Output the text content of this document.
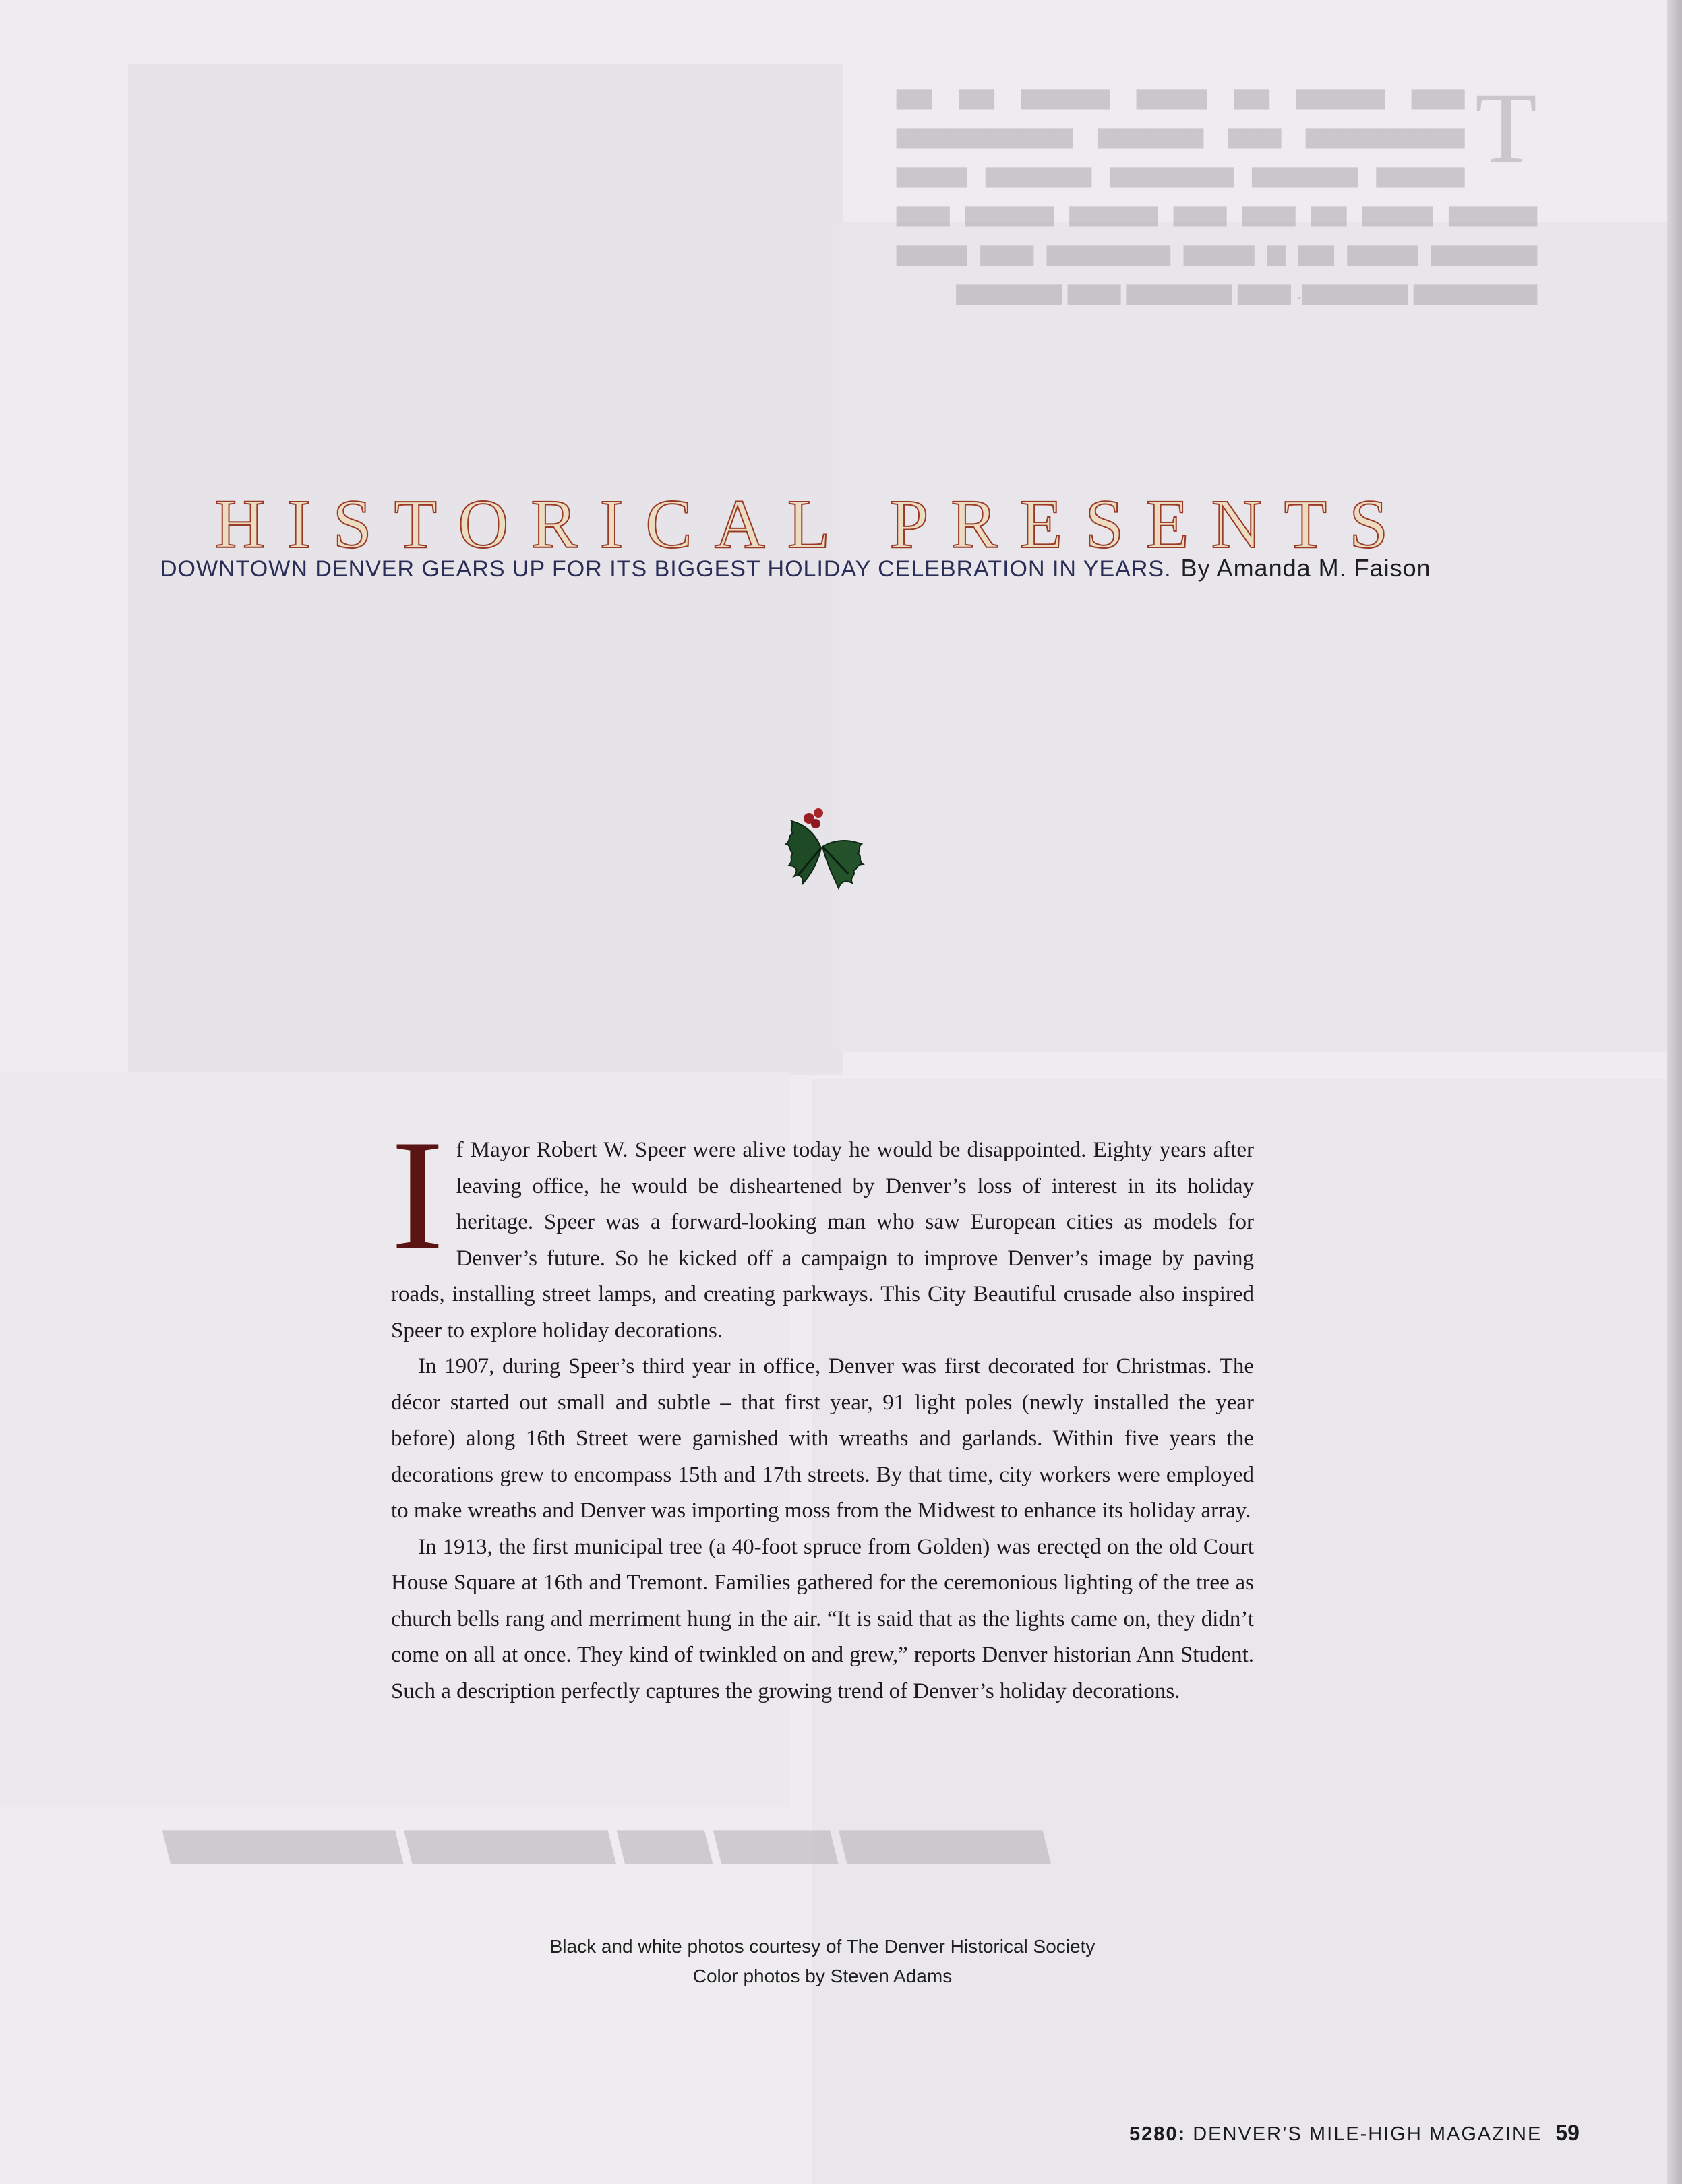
T
▆▆▆ ▆▆▆▆▆ ▆▆ ▆▆▆▆ ▆▆▆▆▆ ▆▆ ▆▆ ▆▆▆▆▆▆▆▆▆ ▆▆▆ ▆▆▆▆▆▆ ▆▆▆▆▆▆▆▆▆▆ ▆▆▆▆▆ ▆▆▆▆▆▆ ▆▆▆▆▆▆▆ ▆▆▆▆▆▆ ▆▆▆▆ ▆▆▆▆▆ ▆▆▆▆ ▆▆ ▆▆▆ ▆▆▆ ▆▆▆▆▆ ▆▆▆▆▆ ▆▆▆ ▆▆▆▆▆▆ ▆▆▆▆ ▆▆ ▆ ▆▆▆▆ ▆▆▆▆▆▆▆ ▆▆▆ ▆▆▆▆ ▆▆▆▆▆▆▆ ▆▆▆▆▆▆. ▆▆▆ ▆▆▆▆▆▆ ▆▆▆ ▆▆▆▆▆▆
HISTORICAL PRESENTS
DOWNTOWN DENVER GEARS UP FOR ITS BIGGEST HOLIDAY CELEBRATION IN YEARS. By Amanda M. Faison

If Mayor Robert W. Speer were alive today he would be disappointed. Eighty years after leaving office, he would be disheartened by Denver’s loss of interest in its holiday heritage. Speer was a forward-looking man who saw European cities as models for Denver’s future. So he kicked off a campaign to improve Denver’s image by paving roads, installing street lamps, and creating parkways. This City Beautiful crusade also inspired Speer to explore holiday decorations.

In 1907, during Speer’s third year in office, Denver was first decorated for Christmas. The décor started out small and subtle – that first year, 91 light poles (newly installed the year before) along 16th Street were garnished with wreaths and garlands. Within five years the decorations grew to encompass 15th and 17th streets. By that time, city workers were employed to make wreaths and Denver was importing moss from the Midwest to enhance its holiday array.

In 1913, the first municipal tree (a 40-foot spruce from Golden) was erectęd on the old Court House Square at 16th and Tremont. Families gathered for the ceremonious lighting of the tree as church bells rang and merriment hung in the air. “It is said that as the lights came on, they didn’t come on all at once. They kind of twinkled on and grew,” reports Denver historian Ann Student. Such a description perfectly captures the growing trend of Denver’s holiday decorations.

▆▆▆▆▆▆▆ ▆▆▆▆ ▆▆▆ ▆▆▆▆▆▆▆ ▆▆▆▆▆▆▆▆
Black and white photos courtesy of The Denver Historical Society
Color photos by Steven Adams
5280: DENVER’S MILE-HIGH MAGAZINE 59
